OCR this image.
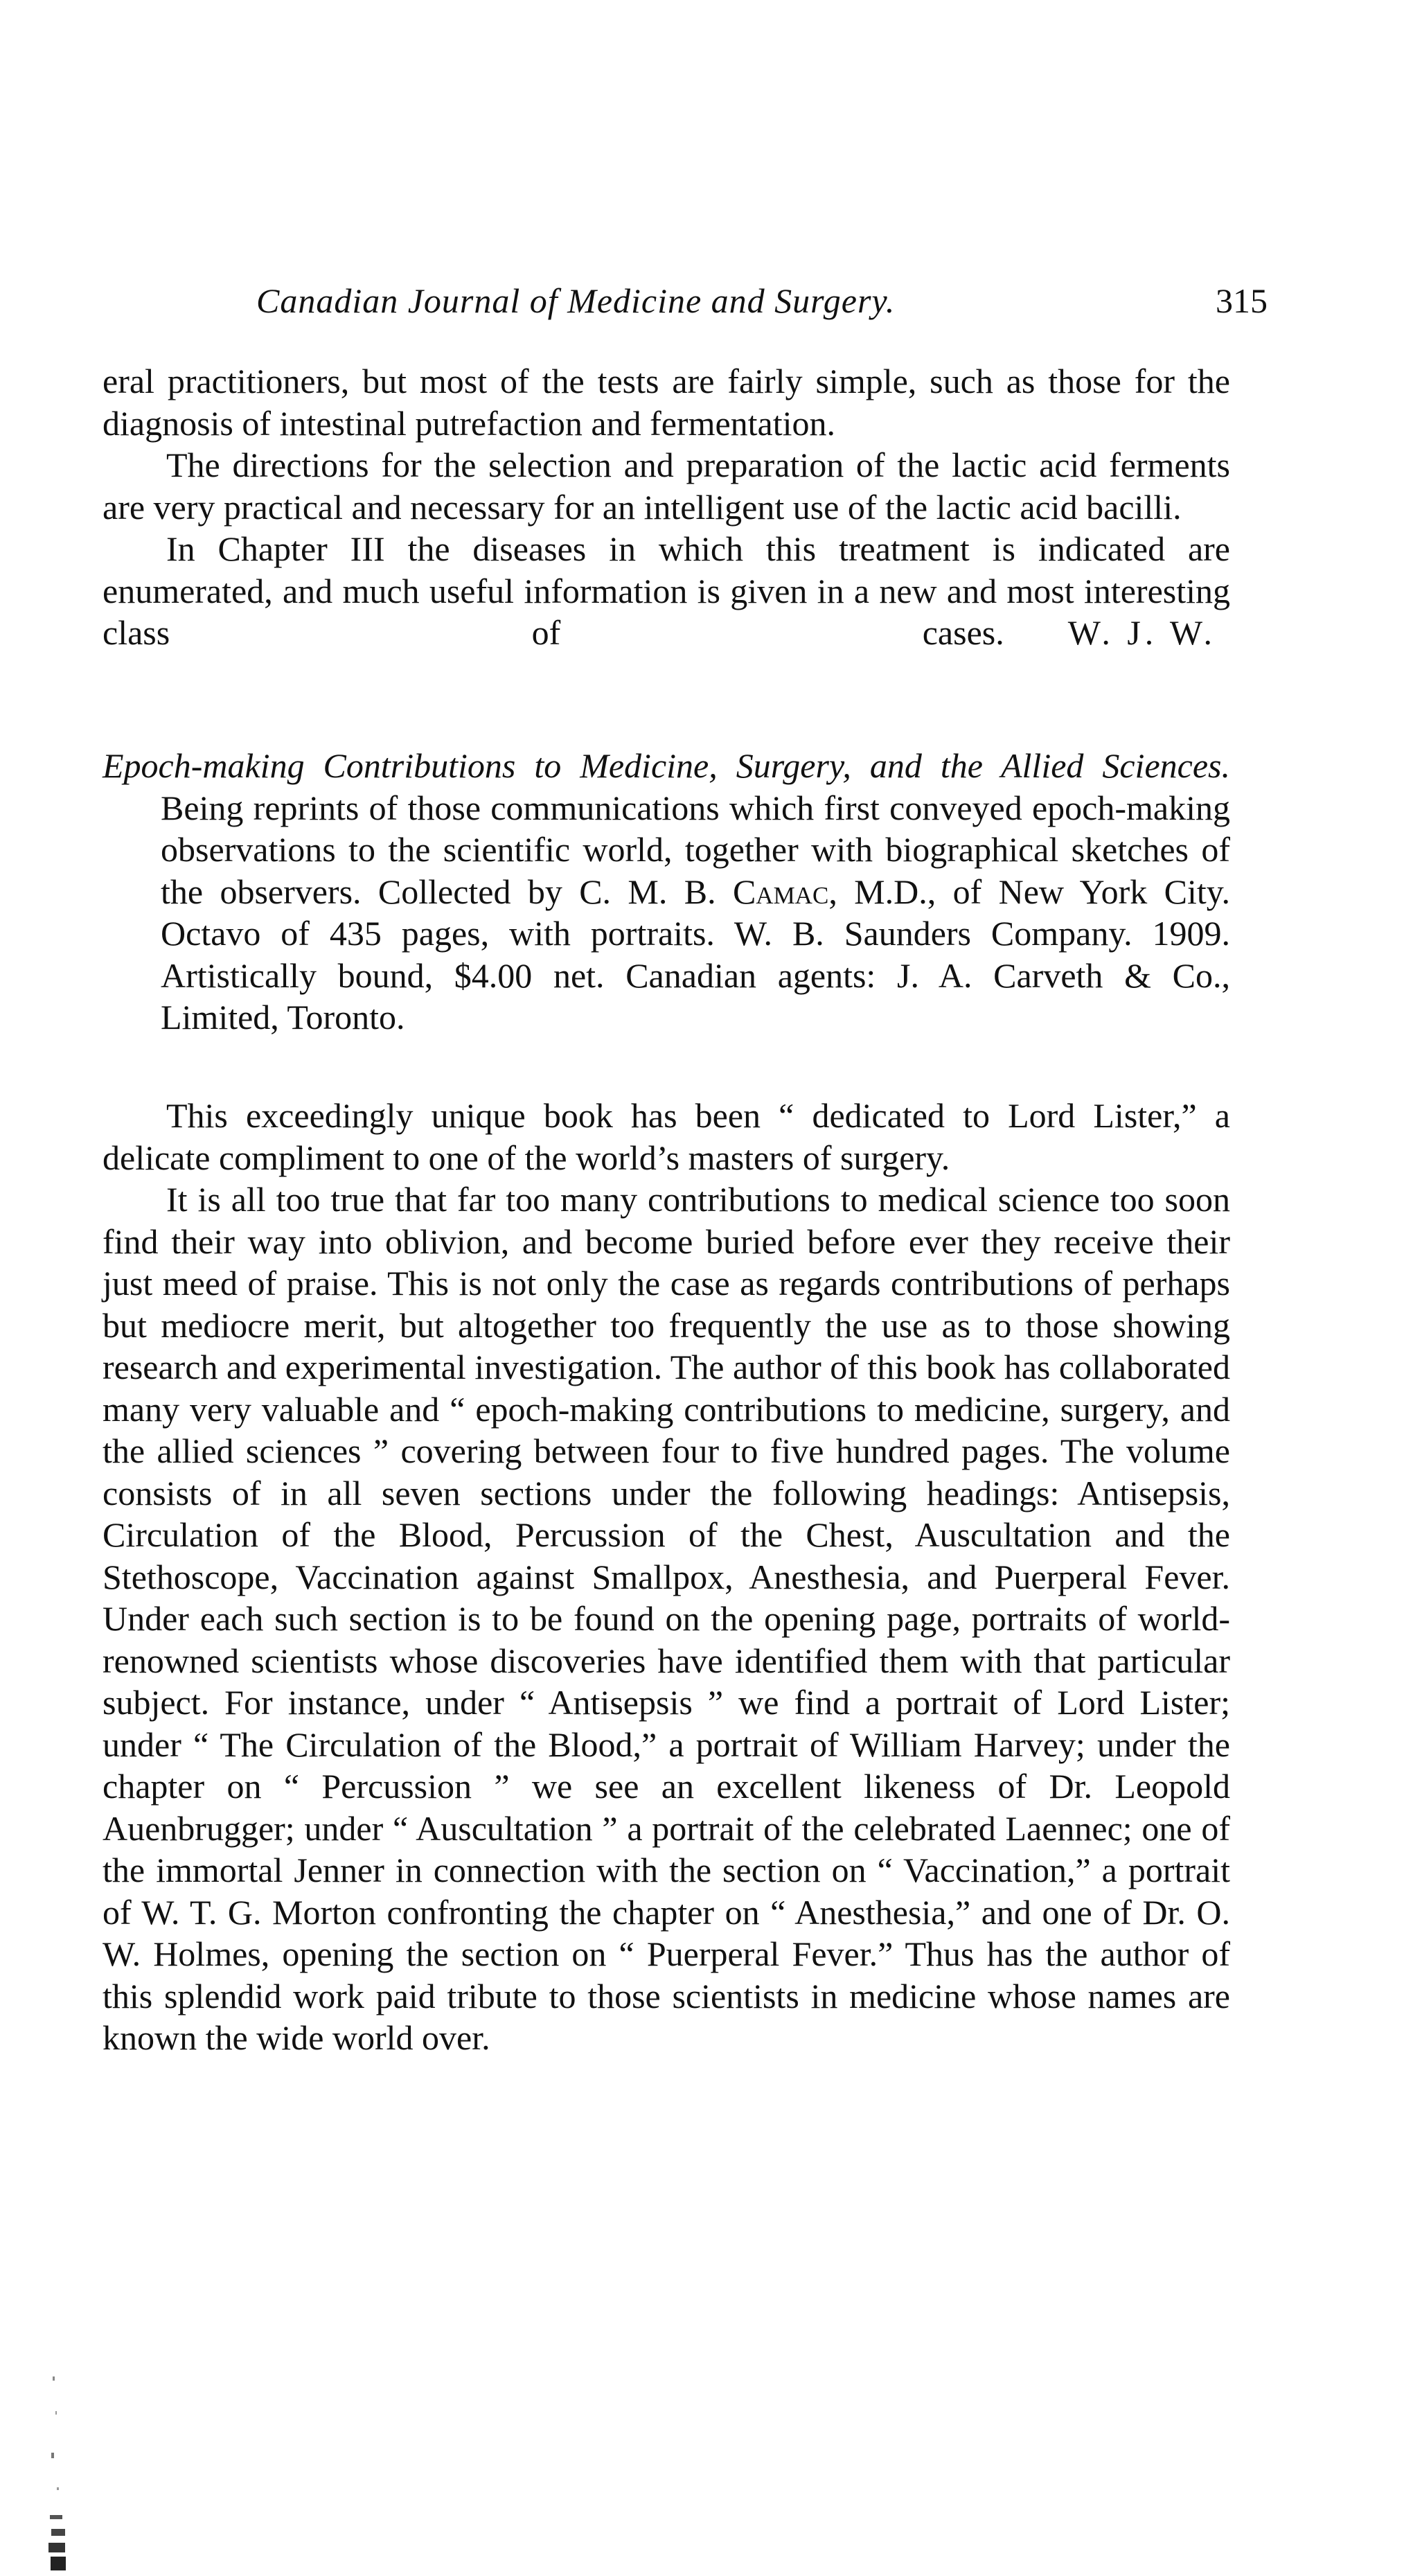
Canadian Journal of Medicine and Surgery.	315

eral practitioners, but most of the tests are fairly simple, such as those for the diagnosis of intestinal putrefaction and fermentation.

The directions for the selection and preparation of the lactic acid ferments are very practical and necessary for an intelligent use of the lactic acid bacilli.

In Chapter III the diseases in which this treatment is indicated are enumerated, and much useful information is given in a new and most interesting class of cases.	W. J. W.

Epoch-making Contributions to Medicine, Surgery, and the Allied Sciences. Being reprints of those communications which first conveyed epoch-making observations to the scientific world, together with biographical sketches of the observers. Collected by C. M. B. Camac, M.D., of New York City. Octavo of 435 pages, with portraits. W. B. Saunders Company. 1909. Artistically bound, $4.00 net. Canadian agents: J. A. Carveth & Co., Limited, Toronto.

This exceedingly unique book has been “ dedicated to Lord Lister,” a delicate compliment to one of the world’s masters of surgery.

It is all too true that far too many contributions to medical science too soon find their way into oblivion, and become buried before ever they receive their just meed of praise. This is not only the case as regards contributions of perhaps but mediocre merit, but altogether too frequently the use as to those showing research and experimental investigation. The author of this book has collaborated many very valuable and “ epoch-making contributions to medicine, surgery, and the allied sciences ” covering between four to five hundred pages. The volume consists of in all seven sections under the following headings: Antisepsis, Circulation of the Blood, Percussion of the Chest, Auscultation and the Stethoscope, Vaccination against Smallpox, Anesthesia, and Puerperal Fever. Under each such section is to be found on the opening page, portraits of world-renowned scientists whose discoveries have identified them with that particular subject. For instance, under “ Antisepsis ” we find a portrait of Lord Lister; under “ The Circulation of the Blood,” a portrait of William Harvey; under the chapter on “ Percussion ” we see an excellent likeness of Dr. Leopold Auenbrugger; under “ Auscultation ” a portrait of the celebrated Laennec; one of the immortal Jenner in connection with the section on “ Vaccination,” a portrait of W. T. G. Morton confronting the chapter on “ Anesthesia,” and one of Dr. O. W. Holmes, opening the section on “ Puerperal Fever.” Thus has the author of this splendid work paid tribute to those scientists in medicine whose names are known the wide world over.
